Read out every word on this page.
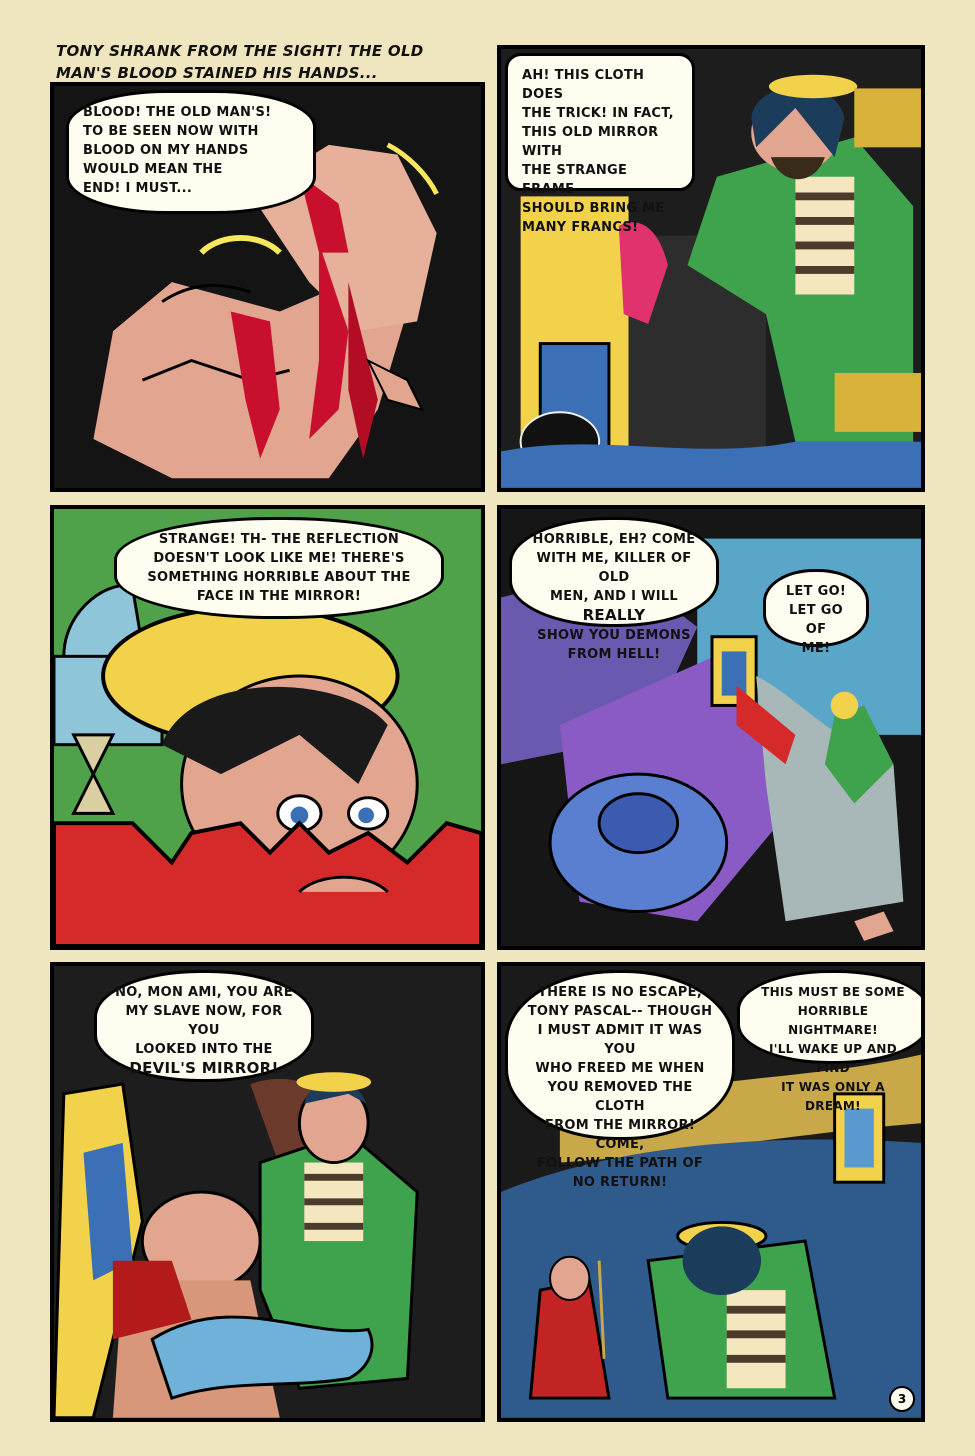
TONY SHRANK FROM THE SIGHT! THE OLD MAN'S BLOOD STAINED HIS HANDS...
BLOOD! THE OLD MAN'S!
TO BE SEEN NOW WITH
BLOOD ON MY HANDS
WOULD MEAN THE
END! I MUST...
AH! THIS CLOTH DOES
THE TRICK! IN FACT,
THIS OLD MIRROR WITH
THE STRANGE FRAME
SHOULD BRING ME
MANY FRANCS!
STRANGE! TH- THE REFLECTION
DOESN'T LOOK LIKE ME! THERE'S
SOMETHING HORRIBLE ABOUT THE
FACE IN THE MIRROR!
HORRIBLE, EH? COME
WITH ME, KILLER OF OLD
MEN, AND I WILL
REALLY
SHOW YOU DEMONS
FROM HELL!
LET GO!
LET GO OF
ME!
NO, MON AMI, YOU ARE
MY SLAVE NOW, FOR YOU
LOOKED INTO THE
DEVIL'S MIRROR!
THERE IS NO ESCAPE,
TONY PASCAL-- THOUGH
I MUST ADMIT IT WAS YOU
WHO FREED ME WHEN
YOU REMOVED THE CLOTH
FROM THE MIRROR! COME,
FOLLOW THE PATH OF
NO RETURN!
THIS MUST BE SOME
HORRIBLE NIGHTMARE!
I'LL WAKE UP AND FIND
IT WAS ONLY A DREAM!
3
